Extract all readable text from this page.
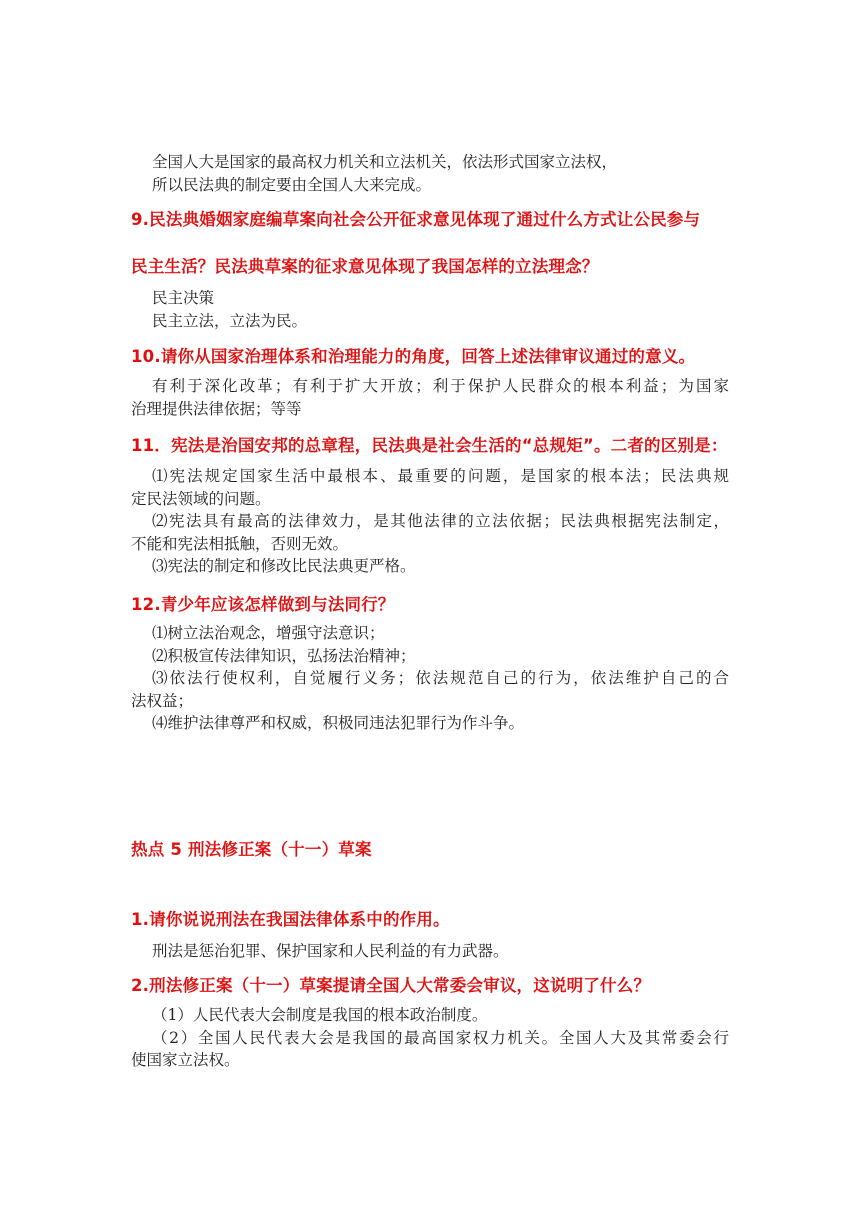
全国人大是国家的最高权力机关和立法机关，依法形式国家立法权，
所以民法典的制定要由全国人大来完成。
9.民法典婚姻家庭编草案向社会公开征求意见体现了通过什么方式让公民参与
民主生活？民法典草案的征求意见体现了我国怎样的立法理念？
民主决策
民主立法，立法为民。
10.请你从国家治理体系和治理能力的角度，回答上述法律审议通过的意义。
有利于深化改革；有利于扩大开放；利于保护人民群众的根本利益；为国家
治理提供法律依据；等等
11．宪法是治国安邦的总章程，民法典是社会生活的“总规矩”。二者的区别是：
⑴宪法规定国家生活中最根本、最重要的问题，是国家的根本法；民法典规
定民法领域的问题。
⑵宪法具有最高的法律效力，是其他法律的立法依据；民法典根据宪法制定，
不能和宪法相抵触，否则无效。
⑶宪法的制定和修改比民法典更严格。
12.青少年应该怎样做到与法同行？
⑴树立法治观念，增强守法意识；
⑵积极宣传法律知识，弘扬法治精神；
⑶依法行使权利，自觉履行义务；依法规范自己的行为，依法维护自己的合
法权益；
⑷维护法律尊严和权威，积极同违法犯罪行为作斗争。
热点 5 刑法修正案（十一）草案
1.请你说说刑法在我国法律体系中的作用。
刑法是惩治犯罪、保护国家和人民利益的有力武器。
2.刑法修正案（十一）草案提请全国人大常委会审议，这说明了什么？
（1）人民代表大会制度是我国的根本政治制度。
（2）全国人民代表大会是我国的最高国家权力机关。全国人大及其常委会行
使国家立法权。
